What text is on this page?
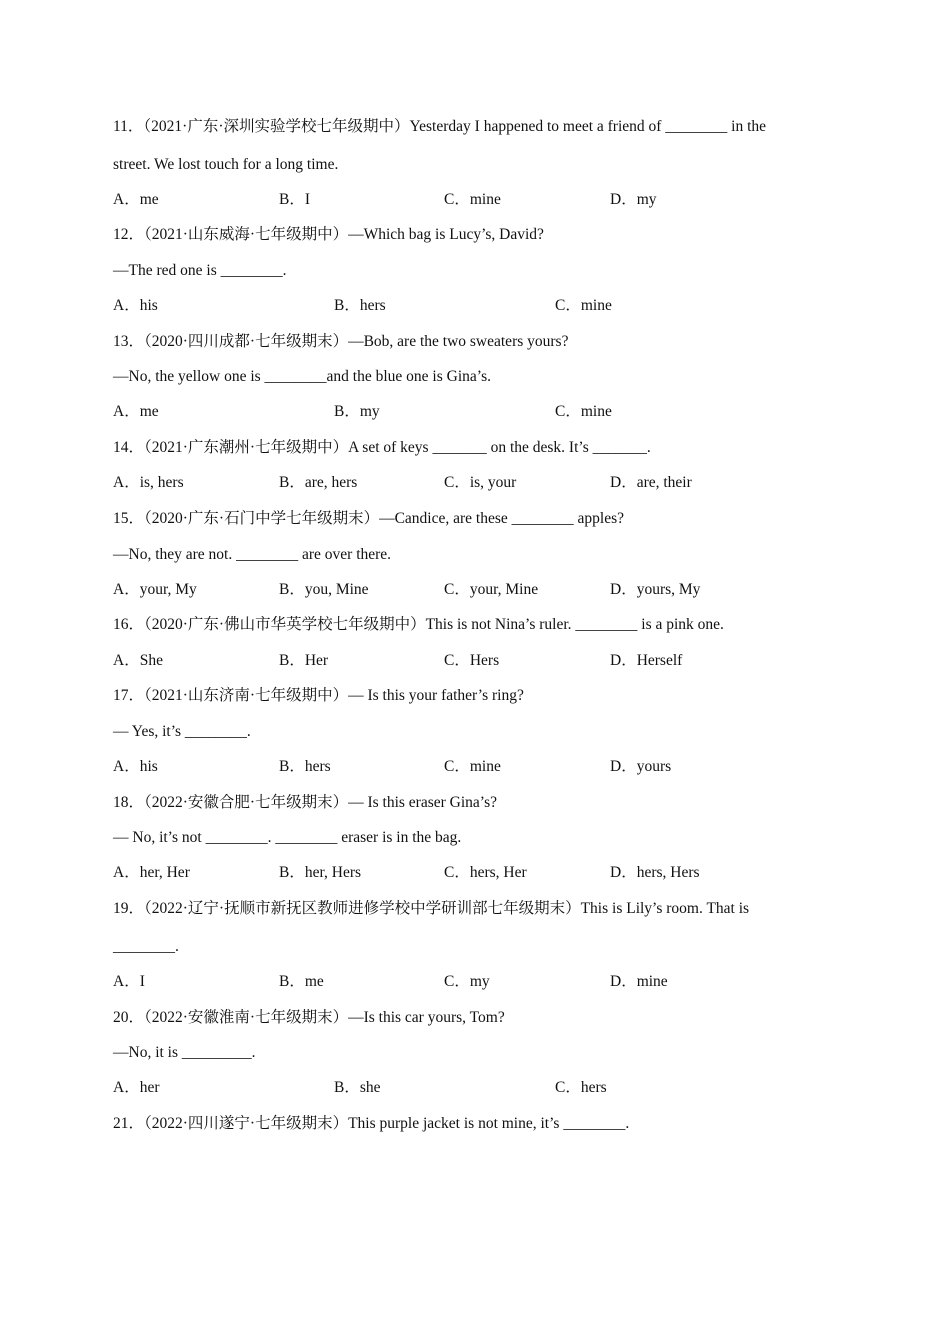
11．（2021·广东·深圳实验学校七年级期中）Yesterday I happened to meet a friend of ________ in the
street. We lost touch for a long time.
A．me	B．I	C．mine	D．my
12．（2021·山东威海·七年级期中）—Which bag is Lucy’s, David?
—The red one is ________.
A．his	B．hers	C．mine
13．（2020·四川成都·七年级期末）—Bob, are the two sweaters yours?
—No, the yellow one is ________and the blue one is Gina’s.
A．me	B．my	C．mine
14．（2021·广东潮州·七年级期中）A set of keys _______ on the desk. It’s _______.
A．is, hers	B．are, hers	C．is, your	D．are, their
15．（2020·广东·石门中学七年级期末）—Candice, are these ________ apples?
—No, they are not. ________ are over there.
A．your, My	B．you, Mine	C．your, Mine	D．yours, My
16．（2020·广东·佛山市华英学校七年级期中）This is not Nina’s ruler. ________ is a pink one.
A．She	B．Her	C．Hers	D．Herself
17．（2021·山东济南·七年级期中）— Is this your father’s ring?
— Yes, it’s ________.
A．his	B．hers	C．mine	D．yours
18．（2022·安徽合肥·七年级期末）— Is this eraser Gina’s?
— No, it’s not ________. ________ eraser is in the bag.
A．her, Her	B．her, Hers	C．hers, Her	D．hers, Hers
19．（2022·辽宁·抚顺市新抚区教师进修学校中学研训部七年级期末）This is Lily’s room. That is
________.
A．I	B．me	C．my	D．mine
20．（2022·安徽淮南·七年级期末）—Is this car yours, Tom?
—No, it is _________.
A．her	B．she	C．hers
21．（2022·四川遂宁·七年级期末）This purple jacket is not mine, it’s ________.
